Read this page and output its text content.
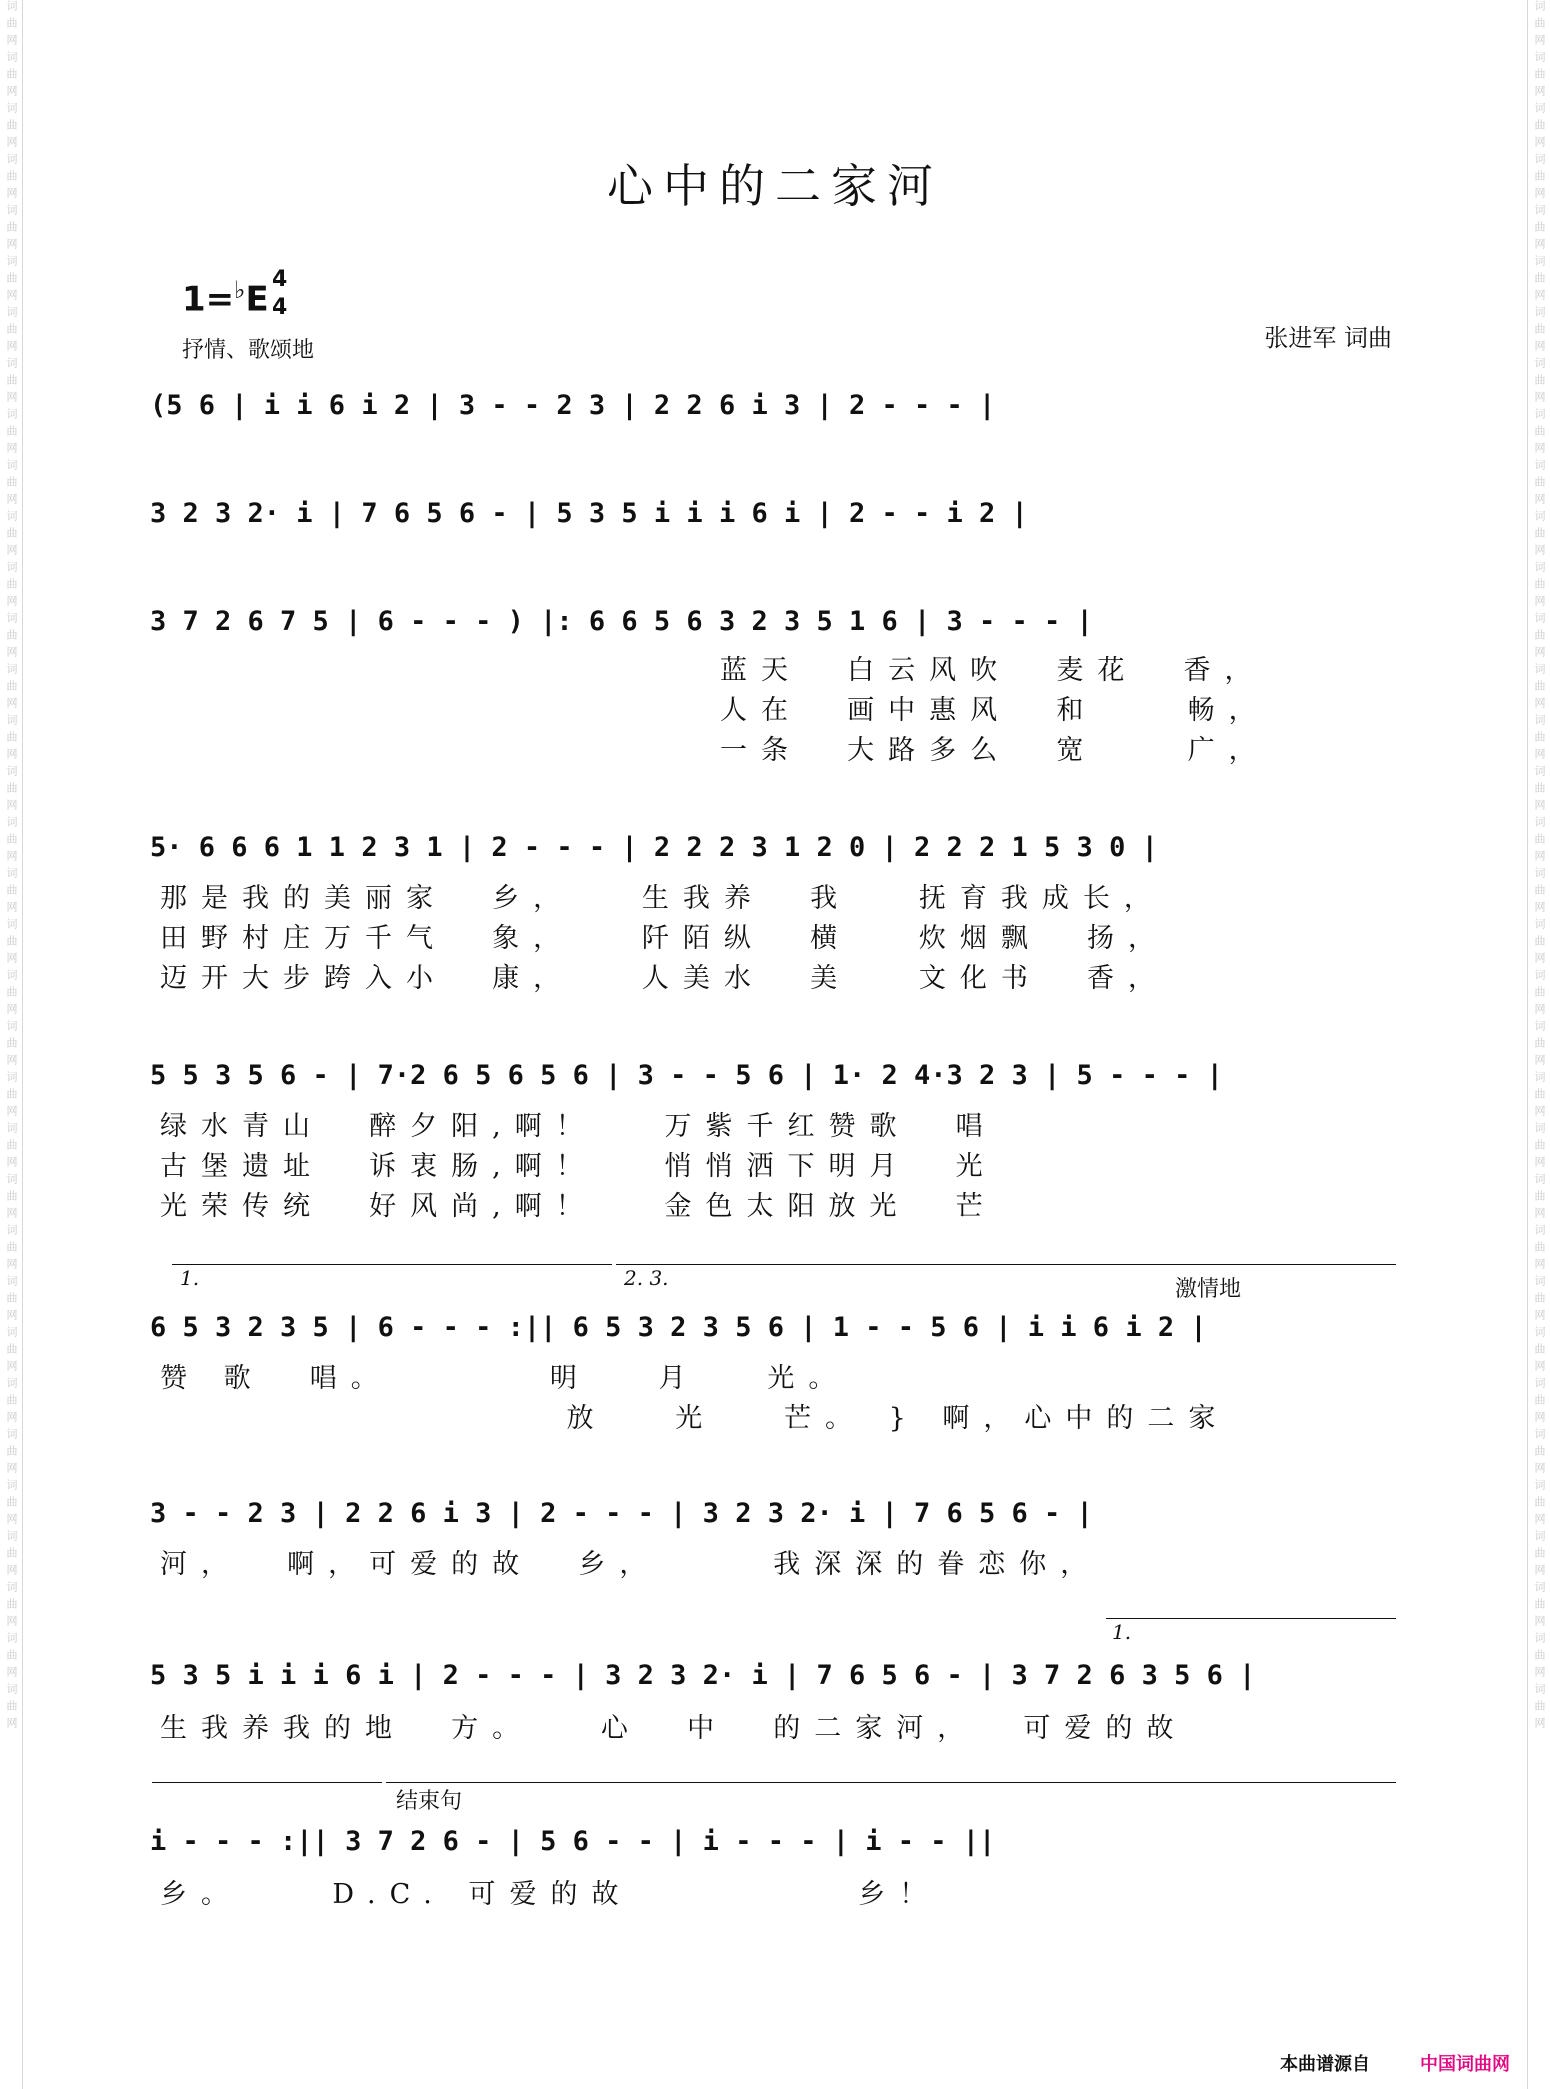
词曲网词曲网词曲网词曲网词曲网词曲网词曲网词曲网词曲网词曲网词曲网词曲网词曲网词曲网词曲网词曲网词曲网词曲网词曲网词曲网词曲网词曲网词曲网词曲网词曲网词曲网词曲网词曲网词曲网词曲网词曲网词曲网词曲网词曲网	词曲网词曲网词曲网词曲网词曲网词曲网词曲网词曲网词曲网词曲网词曲网词曲网词曲网词曲网词曲网词曲网词曲网词曲网词曲网词曲网词曲网词曲网词曲网词曲网词曲网词曲网词曲网词曲网词曲网词曲网词曲网词曲网词曲网词曲网
心中的二家河
1=♭E 4
4
抒情、歌颂地	张进军 词曲

(5 6 | i i 6 i 2 | 3 - - 2 3 | 2 2 6 i 3 | 2 - - - |

3 2 3 2· i | 7 6 5 6 - | 5 3 5 i i i 6 i | 2 - - i 2 |

3 7 2 6 7 5 | 6 - - - ) |: 6 6 5 6 3 2 3 5 1 6 | 3 - - - |

蓝天  白云风吹  麦花  香，
人在  画中惠风  和    畅，
一条  大路多么  宽    广，

5· 6 6 6 1 1 2 3 1 | 2 - - - | 2 2 2 3 1 2 0 | 2 2 2 1 5 3 0 |

那是我的美丽家  乡，   生我养  我   抚育我成长，
田野村庄万千气  象，   阡陌纵  横   炊烟飘  扬，
迈开大步跨入小  康，   人美水  美   文化书  香，

5 5 3 5 6 - | 7·2 6 5 6 5 6 | 3 - - 5 6 | 1· 2 4·3 2 3 | 5 - - - |

绿水青山  醉夕阳,啊！   万紫千红赞歌  唱
古堡遗址  诉衷肠,啊！   悄悄洒下明月  光
光荣传统  好风尚,啊！   金色太阳放光  芒
1.	2. 3.	激情地

6 5 3 2 3 5 | 6 - - - :|| 6 5 3 2 3 5 6 | 1 - - 5 6 | i i 6 i 2 |

赞 歌  唱。       明   月   光。
放   光   芒。 } 啊，心中的二家

3 - - 2 3 | 2 2 6 i 3 | 2 - - - | 3 2 3 2· i | 7 6 5 6 - |

河，  啊，可爱的故  乡，     我深深的眷恋你，
1.

5 3 5 i i i 6 i | 2 - - - | 3 2 3 2· i | 7 6 5 6 - | 3 7 2 6 3 5 6 |

生我养我的地  方。   心  中  的二家河，  可爱的故
结束句

i - - - :|| 3 7 2 6 - | 5 6 - - | i - - - | i - - ||

乡。    D.C. 可爱的故          乡！
本曲谱源自	中国词曲网
